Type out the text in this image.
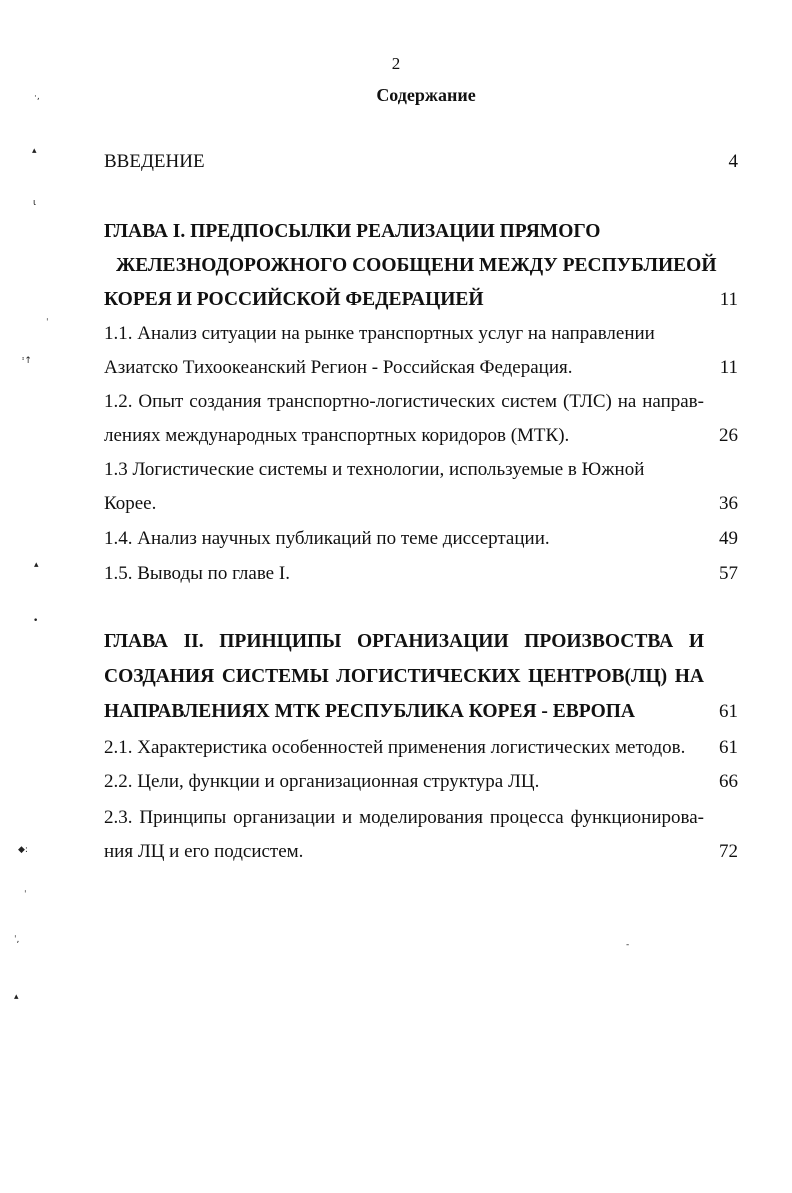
2
Содержание
ВВЕДЕНИЕ	4
ГЛАВА I. ПРЕДПОСЫЛКИ РЕАЛИЗАЦИИ ПРЯМОГО
ЖЕЛЕЗНОДОРОЖНОГО СООБЩЕНИ МЕЖДУ РЕСПУБЛИЕОЙ
КОРЕЯ И РОССИЙСКОЙ ФЕДЕРАЦИЕЙ	11
1.1. Анализ ситуации на рынке транспортных услуг на направлении
Азиатско Тихоокеанский Регион - Российская Федерация.	11
1.2. Опыт создания транспортно-логистических систем (ТЛС) на направ-
лениях международных транспортных коридоров (МТК).	26
1.3 Логистические системы и технологии, используемые в Южной
Корее.	36
1.4. Анализ научных публикаций по теме диссертации.	49
1.5. Выводы по главе I.	57
ГЛАВА II. ПРИНЦИПЫ ОРГАНИЗАЦИИ ПРОИЗВОСТВА И
СОЗДАНИЯ СИСТЕМЫ ЛОГИСТИЧЕСКИХ ЦЕНТРОВ(ЛЦ) НА
НАПРАВЛЕНИЯХ МТК РЕСПУБЛИКА КОРЕЯ - ЕВРОПА	61
2.1. Характеристика особенностей применения логистических методов.	61
2.2. Цели, функции и организационная структура ЛЦ.	66
2.3. Принципы организации и моделирования процесса функционирова-
ния ЛЦ и его подсистем.	72
·,
▴
ɩ
ˌ
ᶦ↑
▴
•
◆:
ˌ
ˈ,
▴
-
